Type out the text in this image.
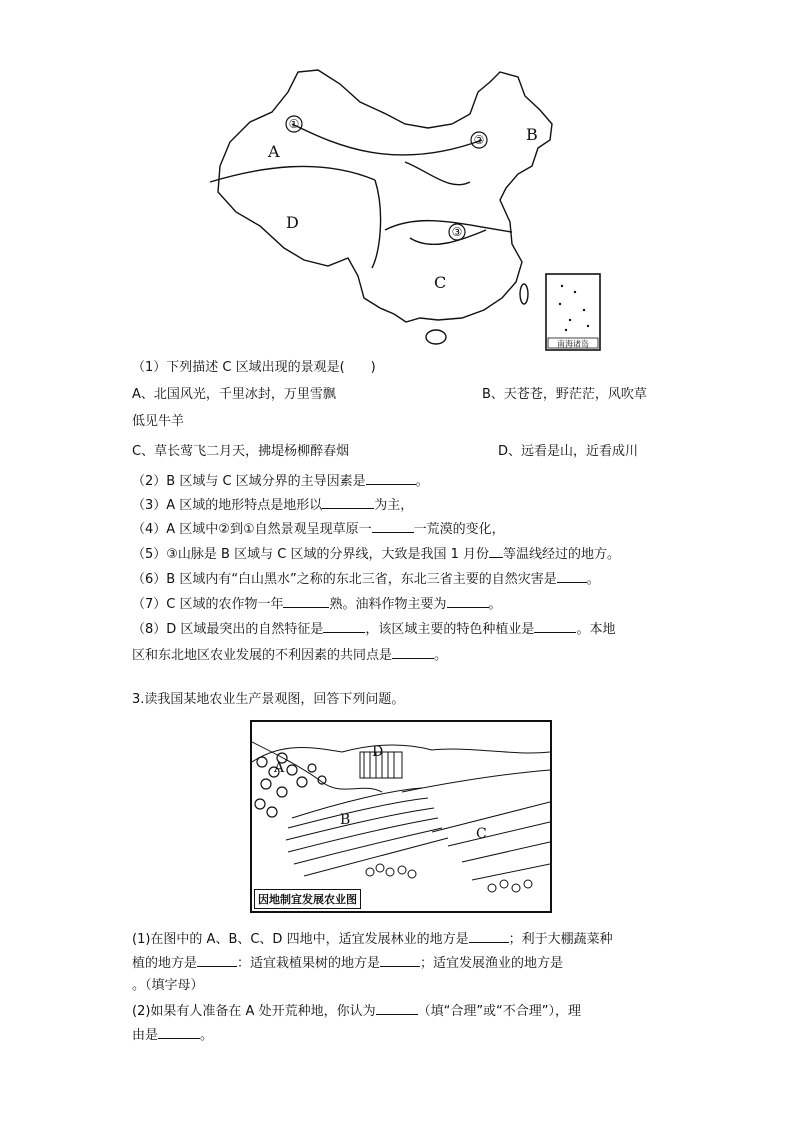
A
B
C
D
①
②
③
南海诸岛
（1）下列描述 C 区域出现的景观是(　　)
A、北国风光，千里冰封，万里雪飘	B、天苍苍，野茫茫，风吹草
低见牛羊
C、草长莺飞二月天，拂堤杨柳醉春烟	D、远看是山，近看成川
（2）B 区域与 C 区域分界的主导因素是	。
（3）A 区域的地形特点是地形以	为主，
（4）A 区域中②到①自然景观呈现草原一	一荒漠的变化，
（5）③山脉是 B 区域与 C 区域的分界线，大致是我国 1 月份 等温线经过的地方。
（6）B 区域内有“白山黑水”之称的东北三省，东北三省主要的自然灾害是 。
（7）C 区域的农作物一年	熟。油料作物主要为	。
（8）D 区域最突出的自然特征是	，该区域主要的特色种植业是	。本地
区和东北地区农业发展的不利因素的共同点是	。
3.读我国某地农业生产景观图，回答下列问题。
A
B
C
D
因地制宜发展农业图
(1)在图中的 A、B、C、D 四地中，适宜发展林业的地方是	；利于大棚蔬菜种
植的地方是	：适宜栽植果树的地方是	；适宜发展渔业的地方是
。（填字母）
(2)如果有人准备在 A 处开荒种地，你认为	（填“合理”或“不合理”），理
由是	。
